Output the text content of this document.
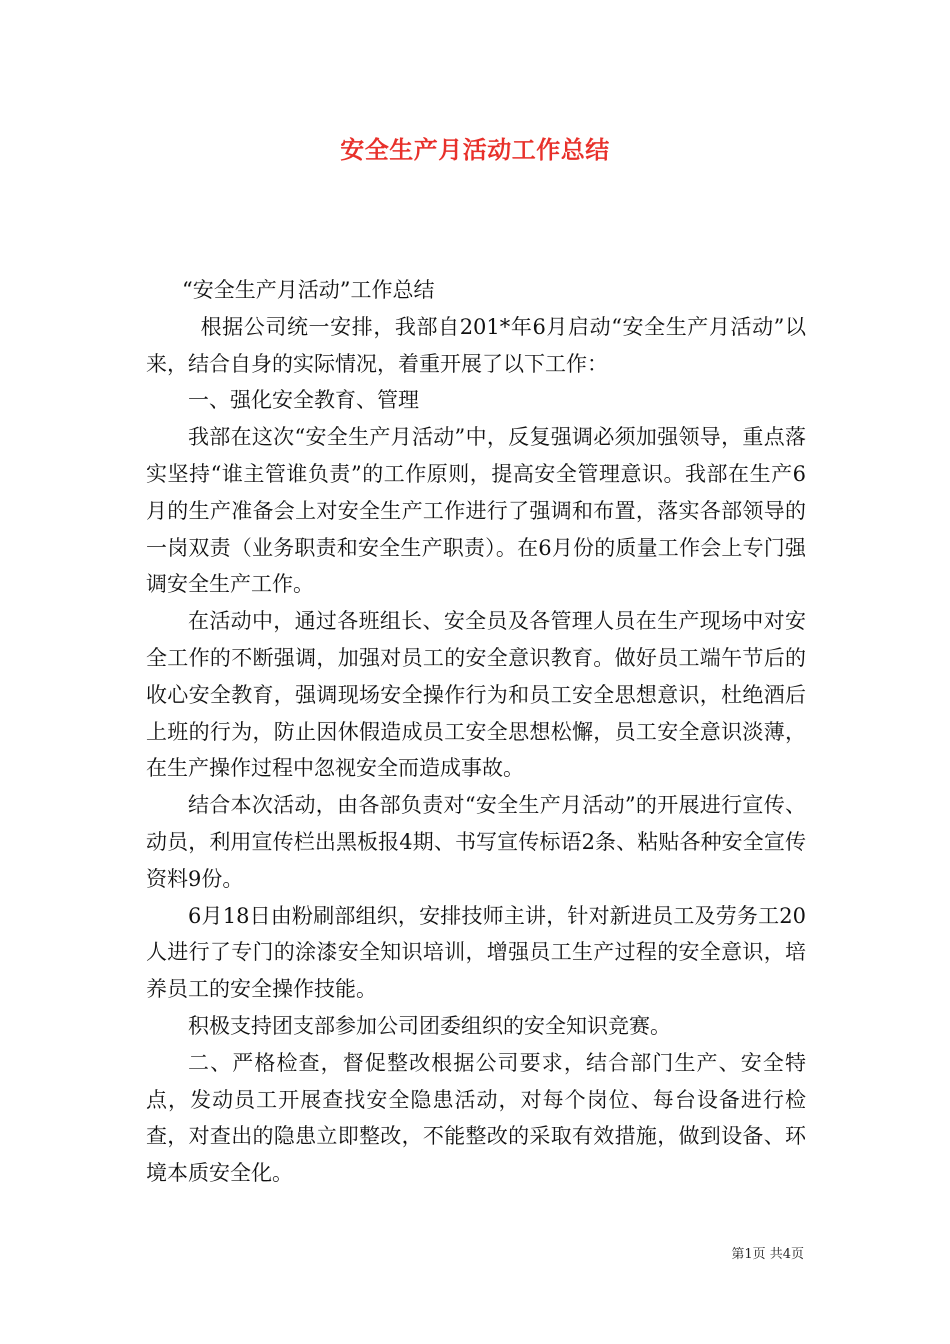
安全生产月活动工作总结

“安全生产月活动”工作总结

根据公司统一安排，我部自201*年6月启动“安全生产月活动”以来，结合自身的实际情况，着重开展了以下工作：

一、强化安全教育、管理

我部在这次“安全生产月活动”中，反复强调必须加强领导，重点落实坚持“谁主管谁负责”的工作原则，提高安全管理意识。我部在生产6月的生产准备会上对安全生产工作进行了强调和布置，落实各部领导的一岗双责（业务职责和安全生产职责）。在6月份的质量工作会上专门强调安全生产工作。

在活动中，通过各班组长、安全员及各管理人员在生产现场中对安全工作的不断强调，加强对员工的安全意识教育。做好员工端午节后的收心安全教育，强调现场安全操作行为和员工安全思想意识，杜绝酒后上班的行为，防止因休假造成员工安全思想松懈，员工安全意识淡薄，在生产操作过程中忽视安全而造成事故。

结合本次活动，由各部负责对“安全生产月活动”的开展进行宣传、动员，利用宣传栏出黑板报4期、书写宣传标语2条、粘贴各种安全宣传资料9份。

6月18日由粉刷部组织，安排技师主讲，针对新进员工及劳务工20人进行了专门的涂漆安全知识培训，增强员工生产过程的安全意识，培养员工的安全操作技能。

积极支持团支部参加公司团委组织的安全知识竞赛。

二、严格检查，督促整改根据公司要求，结合部门生产、安全特点，发动员工开展查找安全隐患活动，对每个岗位、每台设备进行检查，对查出的隐患立即整改，不能整改的采取有效措施，做到设备、环境本质安全化。

第1页 共4页
